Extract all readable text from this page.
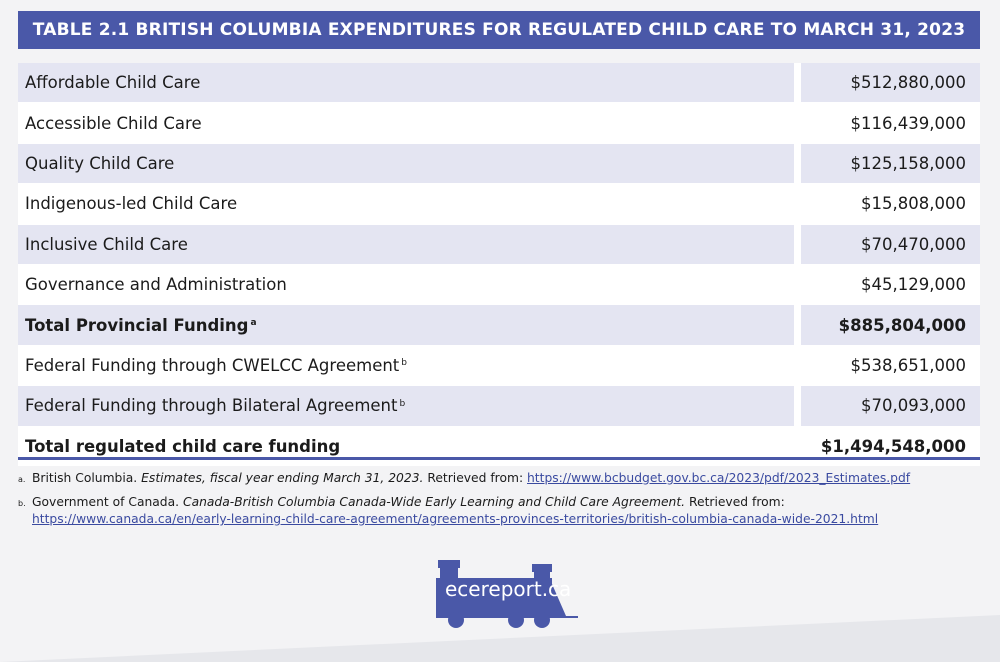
TABLE 2.1 BRITISH COLUMBIA EXPENDITURES FOR REGULATED CHILD CARE TO MARCH 31, 2023
Affordable Child Care	$512,880,000
Accessible Child Care	$116,439,000
Quality Child Care	$125,158,000
Indigenous-led Child Care	$15,808,000
Inclusive Child Care	$70,470,000
Governance and Administration	$45,129,000
Total Provincial Funding$^a$	$885,804,000
Federal Funding through CWELCC Agreement$^b$	$538,651,000
Federal Funding through Bilateral Agreement$^b$	$70,093,000
Total regulated child care funding	$1,494,548,000
a. British Columbia. Estimates, fiscal year ending March 31, 2023. Retrieved from: https://www.bcbudget.gov.bc.ca/2023/pdf/2023_Estimates.pdf
b. Government of Canada. Canada-British Columbia Canada-Wide Early Learning and Child Care Agreement. Retrieved from: https://www.canada.ca/en/early-learning-child-care-agreement/agreements-provinces-territories/british-columbia-canada-wide-2021.html
ecereport.ca
